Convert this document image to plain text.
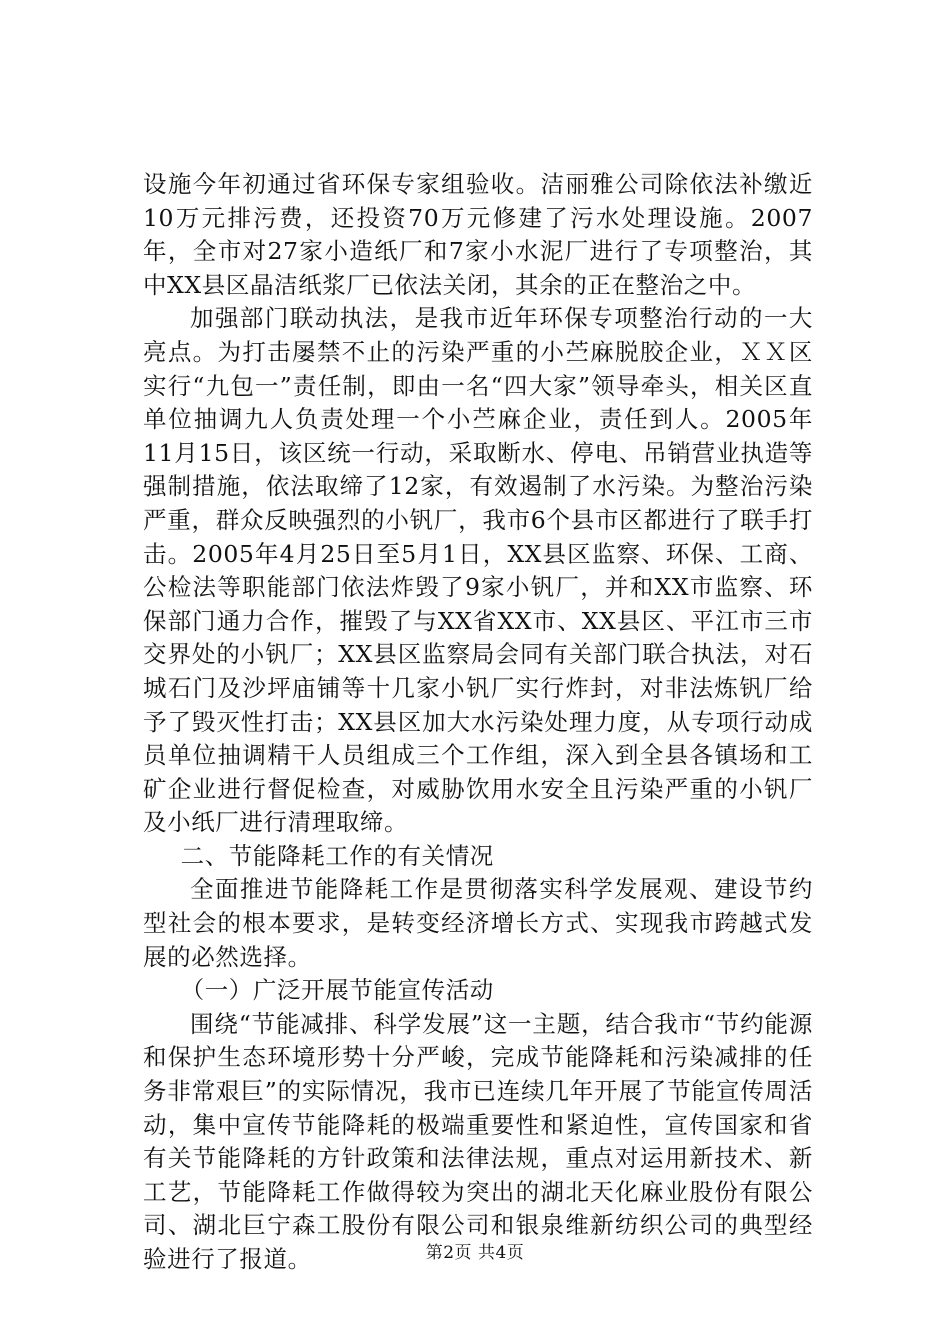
设施今年初通过省环保专家组验收。洁丽雅公司除依法补缴近10万元排污费，还投资70万元修建了污水处理设施。2007年，全市对27家小造纸厂和7家小水泥厂进行了专项整治，其中XX县区晶洁纸浆厂已依法关闭，其余的正在整治之中。

加强部门联动执法，是我市近年环保专项整治行动的一大亮点。为打击屡禁不止的污染严重的小苎麻脱胶企业，ＸＸ区实行“九包一”责任制，即由一名“四大家”领导牵头，相关区直单位抽调九人负责处理一个小苎麻企业，责任到人。2005年11月15日，该区统一行动，采取断水、停电、吊销营业执造等强制措施，依法取缔了12家，有效遏制了水污染。为整治污染严重，群众反映强烈的小钒厂，我市6个县市区都进行了联手打击。2005年4月25日至5月1日，XX县区监察、环保、工商、公检法等职能部门依法炸毁了9家小钒厂，并和XX市监察、环保部门通力合作，摧毁了与XX省XX市、XX县区、平江市三市交界处的小钒厂；XX县区监察局会同有关部门联合执法，对石城石门及沙坪庙铺等十几家小钒厂实行炸封，对非法炼钒厂给予了毁灭性打击；XX县区加大水污染处理力度，从专项行动成员单位抽调精干人员组成三个工作组，深入到全县各镇场和工矿企业进行督促检查，对威胁饮用水安全且污染严重的小钒厂及小纸厂进行清理取缔。

二、节能降耗工作的有关情况

全面推进节能降耗工作是贯彻落实科学发展观、建设节约型社会的根本要求，是转变经济增长方式、实现我市跨越式发展的必然选择。

（一）广泛开展节能宣传活动

围绕“节能减排、科学发展”这一主题，结合我市“节约能源和保护生态环境形势十分严峻，完成节能降耗和污染减排的任务非常艰巨”的实际情况，我市已连续几年开展了节能宣传周活动，集中宣传节能降耗的极端重要性和紧迫性，宣传国家和省有关节能降耗的方针政策和法律法规，重点对运用新技术、新工艺，节能降耗工作做得较为突出的湖北天化麻业股份有限公司、湖北巨宁森工股份有限公司和银泉维新纺织公司的典型经验进行了报道。	第2页 共4页
